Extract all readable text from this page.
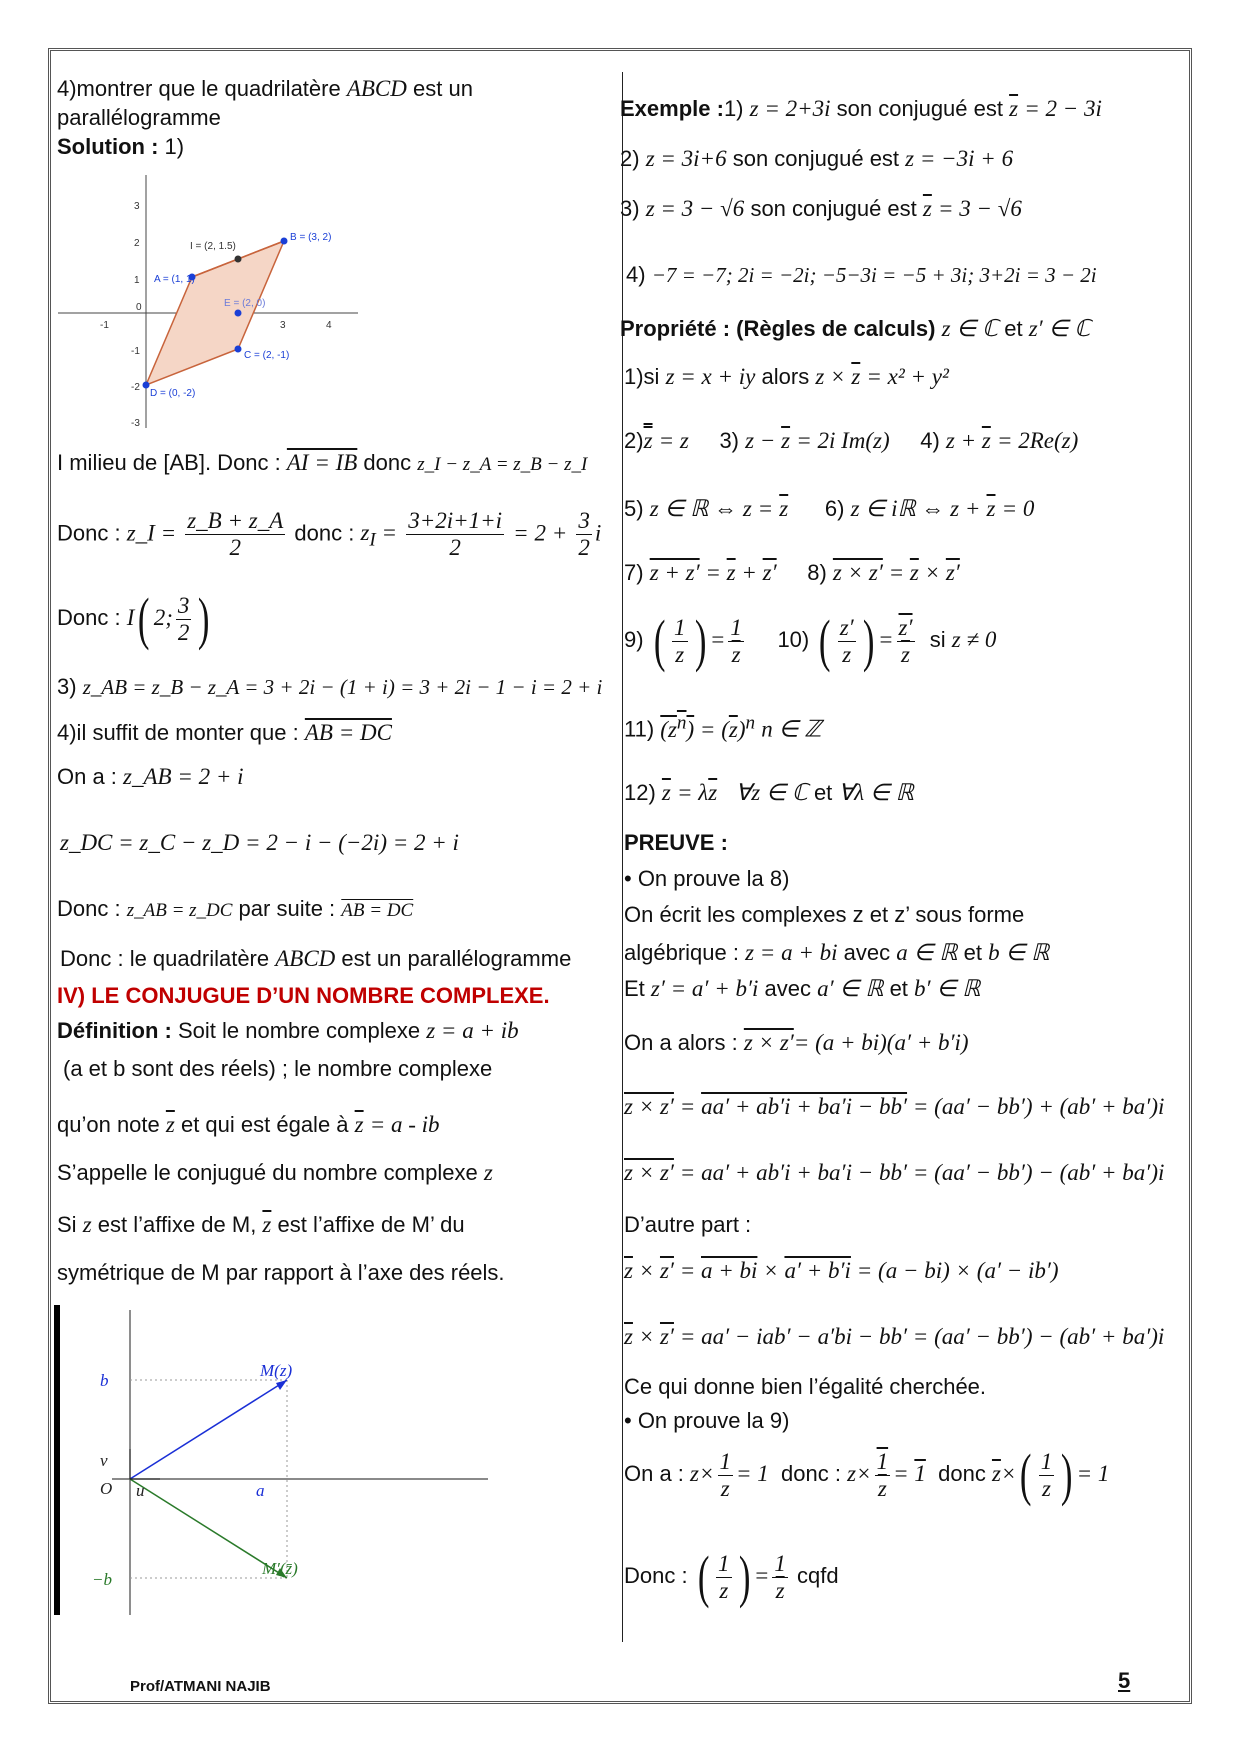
4)montrer que le quadrilatère ABCD est un
parallélogramme
Solution : 1)
-1	3	4
3
2
1
0
-1
-2
-3
A = (1, 1)
B = (3, 2)
C = (2, -1)
D = (0, -2)
I = (2, 1.5)
E = (2, 0)
I milieu de [AB]. Donc : AI = IB donc z_I − z_A = z_B − z_I
Donc : z_I = $\frac{z\_B + z\_A}{2}$ donc : $z_I = \frac{3+2i+1+i}{2} = 2 + \frac{3}{2}$ i
Donc : I( 2; $\frac{3}{2}$ )
3) z_AB = z_B − z_A = 3 + 2i − (1 + i) = 3 + 2i − 1 − i = 2 + i
4)il suffit de monter que : AB = DC
On a : z_AB = 2 + i
z_DC = z_C − z_D = 2 − i − (−2i) = 2 + i
Donc : z_AB = z_DC par suite : AB = DC
Donc : le quadrilatère ABCD est un parallélogramme
IV) LE CONJUGUE D’UN NOMBRE COMPLEXE.
Définition : Soit le nombre complexe z = a + ib
(a et b sont des réels) ; le nombre complexe
qu’on note $\overline{z}$ et qui est égale à $\overline{z} = a$ - ib
S’appelle le conjugué du nombre complexe z
Si z est l’affixe de M, $\overline{z}$ est l’affixe de M’ du
symétrique de M par rapport à l’axe des réels.
b
−b
O	a
u
v
M(z)
M′(z̄)
Exemple :1) z = 2+3i son conjugué est $\overline{z} = 2 - 3i$
2) z = 3i+6 son conjugué est z = −3i + 6
3) z = 3 − √6 son conjugué est $\overline{z} = 3 - √6$
4) −7 = −7; 2i = −2i; −5−3i = −5 + 3i; 3+2i = 3 − 2i
Propriété : (Règles de calculs) z ∈ ℂ et z′ ∈ ℂ
1)si z = x + iy alors $z \times \overline{z} = x^2 + y^2$
2)z = z 3) $z - \overline{z} = 2i$ Im(z) 4) $z + \overline{z} = 2Re(z)$
5) z ∈ ℝ ⇔ $z = \overline{z}$ 6) z ∈ iℝ ⇔ $z + \overline{z} = 0$
7) $z + z' = \overline{z} + z'$ 8) $z \times z' = \overline{z} \times z'$
9) ( $\frac{1}{z}$ ) = $\frac{1}{z} 10$) ( $\frac{z'}{z}$ ) = $\frac{z'}{z}$ si z ≠ 0
11) $(z^n) = (\overline{z})^n$ n ∈ ℤ
12) $\overline{z} = \lambda\overline{z}$ ∀z ∈ ℂ et ∀λ ∈ ℝ
PREUVE :
• On prouve la 8)
On écrit les complexes z et z’ sous forme
algébrique : z = a + bi avec a ∈ ℝ et b ∈ ℝ
Et z′ = a′ + b′i avec a′ ∈ ℝ et b′ ∈ ℝ
On a alors : z × z′= (a + bi)(a′ + b′i)
z × z′ = aa′ + ab′i + ba′i − bb′ = (aa′ − bb′) + (ab′ + ba′)i
z × z′ = aa′ + ab′i + ba′i − bb′ = (aa′ − bb′) − (ab′ + ba′)i
D’autre part :
$\overline{z} \times z' = a$ + bi × a′ + b′i = (a − bi) × (a′ − ib′)
$\overline{z} \times z' = aa' - iab' - a'bi - bb' = (aa' - bb') - (ab' + ba')i$
Ce qui donne bien l’égalité cherchée.
• On prouve la 9)
On a : $z\times \frac{1}{z} = 1$ donc : $z\times \frac{1}{z} = 1$ donc $\overline{z}\times( \frac{1}{z}$ ) = 1
Donc : ( $\frac{1}{z}$ ) = $\frac{1}{z}$ cqfd
Prof/ATMANI NAJIB	5
